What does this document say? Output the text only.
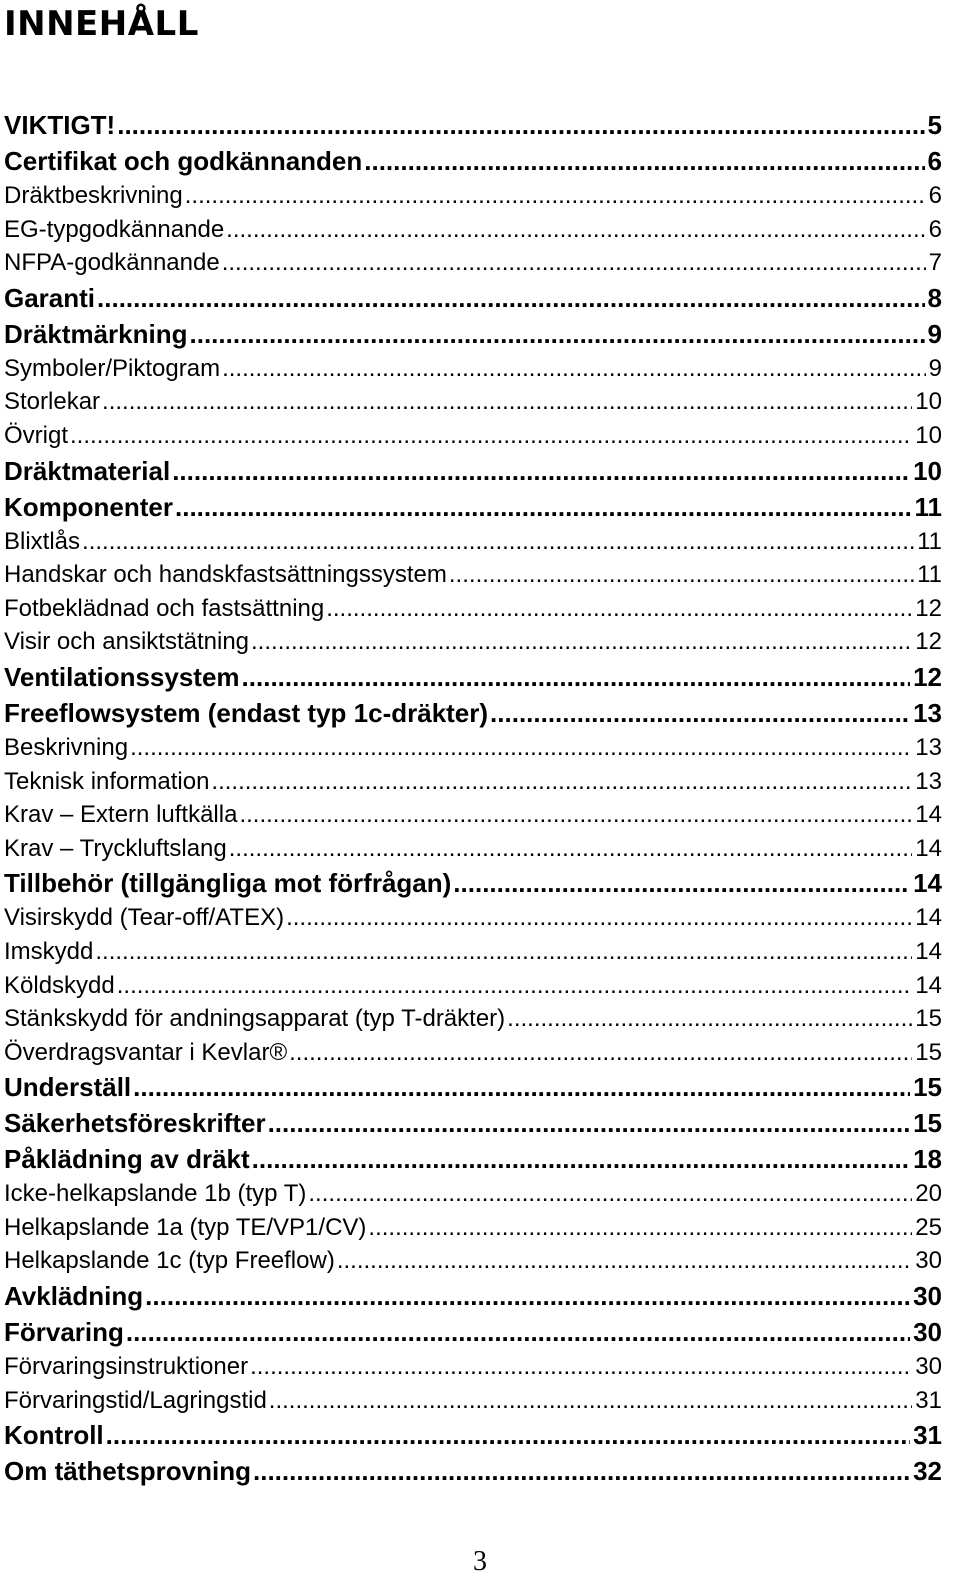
INNEHÅLL
VIKTIGT! .....	5
Certifikat och godkännanden .....	6
Dräktbeskrivning .....	6
EG-typgodkännande .....	6
NFPA-godkännande .....	7
Garanti .....	8
Dräktmärkning .....	9
Symboler/Piktogram .....	9
Storlekar .....	10
Övrigt .....	10
Dräktmaterial .....	10
Komponenter .....	11
Blixtlås .....	11
Handskar och handskfastsättningssystem .....	11
Fotbeklädnad och fastsättning .....	12
Visir och ansiktstätning .....	12
Ventilationssystem .....	12
Freeflowsystem (endast typ 1c-dräkter) .....	13
Beskrivning .....	13
Teknisk information .....	13
Krav – Extern luftkälla .....	14
Krav – Tryckluftslang .....	14
Tillbehör (tillgängliga mot förfrågan) .....	14
Visirskydd (Tear-off/ATEX) .....	14
Imskydd .....	14
Köldskydd .....	14
Stänkskydd för andningsapparat (typ T-dräkter) .....	15
Överdragsvantar i Kevlar® .....	15
Underställ .....	15
Säkerhetsföreskrifter .....	15
Påklädning av dräkt .....	18
Icke-helkapslande 1b (typ T) .....	20
Helkapslande 1a (typ TE/VP1/CV) .....	25
Helkapslande 1c (typ Freeflow) .....	30
Avklädning .....	30
Förvaring .....	30
Förvaringsinstruktioner .....	30
Förvaringstid/Lagringstid .....	31
Kontroll .....	31
Om täthetsprovning .....	32
3
